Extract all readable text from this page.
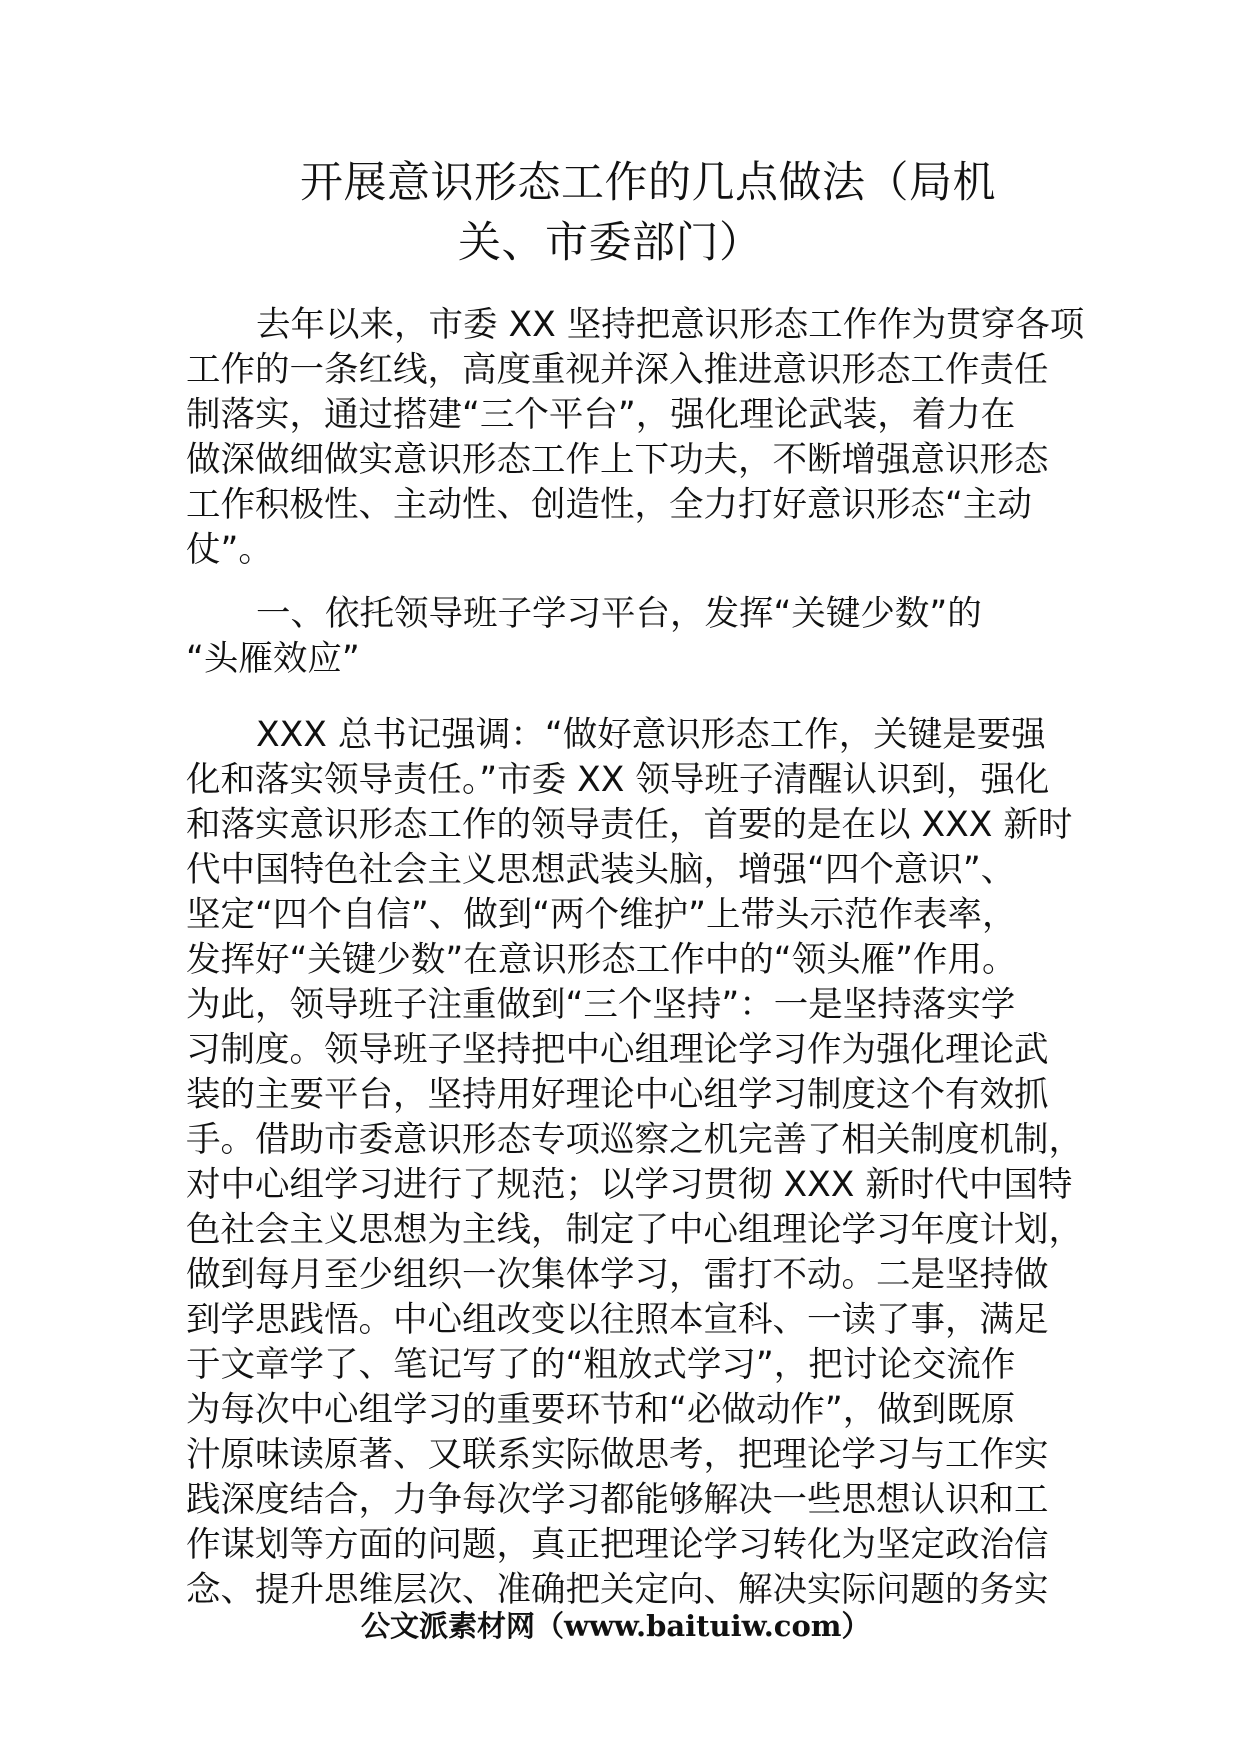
开展意识形态工作的几点做法（局机
关、市委部门）
去年以来，市委 XX 坚持把意识形态工作作为贯穿各项
工作的一条红线，高度重视并深入推进意识形态工作责任
制落实，通过搭建“三个平台”，强化理论武装，着力在
做深做细做实意识形态工作上下功夫，不断增强意识形态
工作积极性、主动性、创造性，全力打好意识形态“主动
仗”。
一、依托领导班子学习平台，发挥“关键少数”的
“头雁效应”
XXX 总书记强调：“做好意识形态工作，关键是要强
化和落实领导责任。”市委 XX 领导班子清醒认识到，强化
和落实意识形态工作的领导责任，首要的是在以 XXX 新时
代中国特色社会主义思想武装头脑，增强“四个意识”、
坚定“四个自信”、做到“两个维护”上带头示范作表率，
发挥好“关键少数”在意识形态工作中的“领头雁”作用。
为此，领导班子注重做到“三个坚持”：一是坚持落实学
习制度。领导班子坚持把中心组理论学习作为强化理论武
装的主要平台，坚持用好理论中心组学习制度这个有效抓
手。借助市委意识形态专项巡察之机完善了相关制度机制，
对中心组学习进行了规范；以学习贯彻 XXX 新时代中国特
色社会主义思想为主线，制定了中心组理论学习年度计划，
做到每月至少组织一次集体学习，雷打不动。二是坚持做
到学思践悟。中心组改变以往照本宣科、一读了事，满足
于文章学了、笔记写了的“粗放式学习”，把讨论交流作
为每次中心组学习的重要环节和“必做动作”，做到既原
汁原味读原著、又联系实际做思考，把理论学习与工作实
践深度结合，力争每次学习都能够解决一些思想认识和工
作谋划等方面的问题，真正把理论学习转化为坚定政治信
念、提升思维层次、准确把关定向、解决实际问题的务实
公文派素材网（www.baituiw.com）
